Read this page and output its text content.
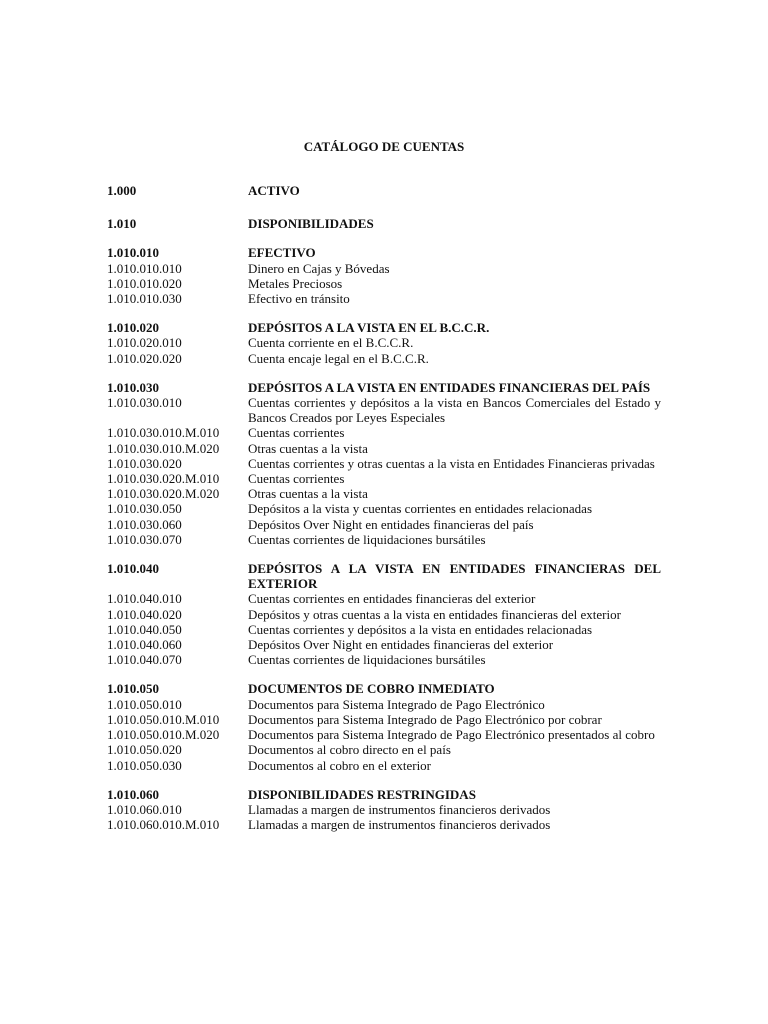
CATÁLOGO DE CUENTAS
1.000	ACTIVO
1.010	DISPONIBILIDADES
1.010.010	EFECTIVO
1.010.010.010	Dinero en Cajas y Bóvedas
1.010.010.020	Metales Preciosos
1.010.010.030	Efectivo en tránsito
1.010.020	DEPÓSITOS A LA VISTA EN EL B.C.C.R.
1.010.020.010	Cuenta corriente en el B.C.C.R.
1.010.020.020	Cuenta encaje legal en el B.C.C.R.
1.010.030	DEPÓSITOS A LA VISTA EN ENTIDADES FINANCIERAS DEL PAÍS
1.010.030.010	Cuentas corrientes y depósitos a la vista en Bancos Comerciales del Estado y Bancos Creados por Leyes Especiales
1.010.030.010.M.010	Cuentas corrientes
1.010.030.010.M.020	Otras cuentas a la vista
1.010.030.020	Cuentas corrientes y otras cuentas a la vista en Entidades Financieras privadas
1.010.030.020.M.010	Cuentas corrientes
1.010.030.020.M.020	Otras cuentas a la vista
1.010.030.050	Depósitos a la vista y cuentas corrientes en entidades relacionadas
1.010.030.060	Depósitos Over Night en entidades financieras del país
1.010.030.070	Cuentas corrientes de liquidaciones bursátiles
1.010.040	DEPÓSITOS A LA VISTA EN ENTIDADES FINANCIERAS DEL EXTERIOR
1.010.040.010	Cuentas corrientes en entidades financieras del exterior
1.010.040.020	Depósitos y otras cuentas a la vista en entidades financieras del exterior
1.010.040.050	Cuentas corrientes y depósitos a la vista en entidades relacionadas
1.010.040.060	Depósitos Over Night en entidades financieras del exterior
1.010.040.070	Cuentas corrientes de liquidaciones bursátiles
1.010.050	DOCUMENTOS DE COBRO INMEDIATO
1.010.050.010	Documentos para Sistema Integrado de Pago Electrónico
1.010.050.010.M.010	Documentos para Sistema Integrado de Pago Electrónico por cobrar
1.010.050.010.M.020	Documentos para Sistema Integrado de Pago Electrónico presentados al cobro
1.010.050.020	Documentos al cobro directo en el país
1.010.050.030	Documentos al cobro en el exterior
1.010.060	DISPONIBILIDADES RESTRINGIDAS
1.010.060.010	Llamadas a margen de instrumentos financieros derivados
1.010.060.010.M.010	Llamadas a margen de instrumentos financieros derivados
